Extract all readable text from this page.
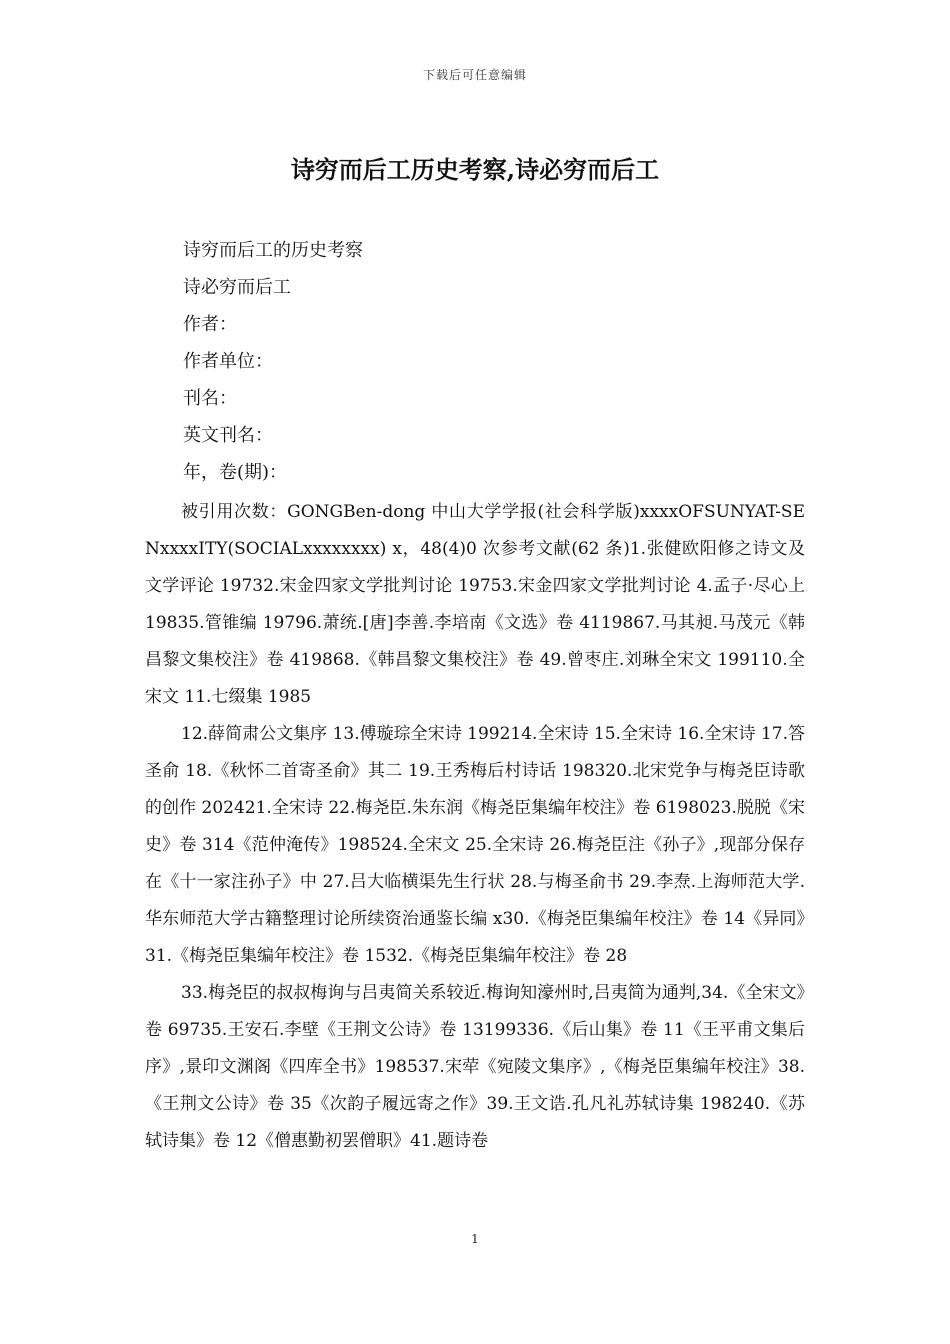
下载后可任意编辑
诗穷而后工历史考察,诗必穷而后工
诗穷而后工的历史考察
诗必穷而后工
作者：
作者单位：
刊名：
英文刊名：
年，卷(期)：

被引用次数：GONGBen-dong 中山大学学报(社会科学版)xxxxOFSUNYAT-SENxxxxITY(SOCIALxxxxxxxx) x，48(4)0 次参考文献(62 条)1.张健欧阳修之诗文及文学评论 19732.宋金四家文学批判讨论 19753.宋金四家文学批判讨论 4.孟子·尽心上 19835.管锥编 19796.萧统.[唐]李善.李培南《文选》卷 4119867.马其昶.马茂元《韩昌黎文集校注》卷 419868.《韩昌黎文集校注》卷 49.曾枣庄.刘琳全宋文 199110.全宋文 11.七缀集 1985

12.薛简肃公文集序 13.傅璇琮全宋诗 199214.全宋诗 15.全宋诗 16.全宋诗 17.答圣俞 18.《秋怀二首寄圣俞》其二 19.王秀梅后村诗话 198320.北宋党争与梅尧臣诗歌的创作 202421.全宋诗 22.梅尧臣.朱东润《梅尧臣集编年校注》卷 6198023.脱脱《宋史》卷 314《范仲淹传》198524.全宋文 25.全宋诗 26.梅尧臣注《孙子》,现部分保存在《十一家注孙子》中 27.吕大临横渠先生行状 28.与梅圣俞书 29.李焘.上海师范大学.华东师范大学古籍整理讨论所续资治通鉴长编 x30.《梅尧臣集编年校注》卷 14《异同》31.《梅尧臣集编年校注》卷 1532.《梅尧臣集编年校注》卷 28

33.梅尧臣的叔叔梅询与吕夷简关系较近.梅询知濠州时,吕夷简为通判,34.《全宋文》卷 69735.王安石.李壁《王荆文公诗》卷 13199336.《后山集》卷 11《王平甫文集后序》,景印文渊阁《四库全书》198537.宋荦《宛陵文集序》,《梅尧臣集编年校注》38.《王荆文公诗》卷 35《次韵子履远寄之作》39.王文诰.孔凡礼苏轼诗集 198240.《苏轼诗集》卷 12《僧惠勤初罢僧职》41.题诗卷

1
